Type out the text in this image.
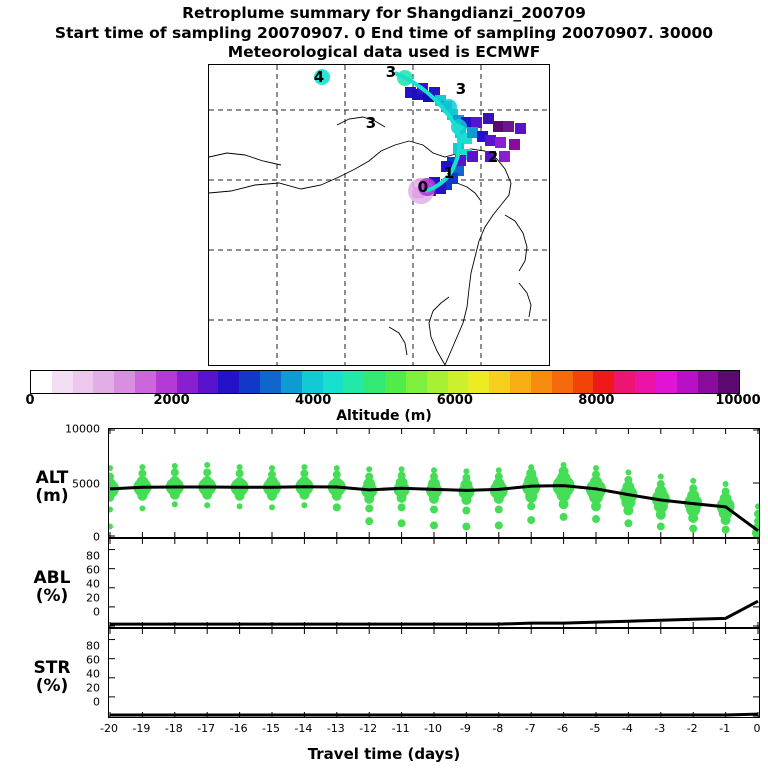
Retroplume summary for Shangdianzi_200709
Start time of sampling 20070907. 0 End time of sampling 20070907. 30000
Meteorological data used is ECMWF
4	3
3
3
2
1
0
0	2000	4000	6000	8000	10000
Altitude (m)
ALT
(m)
10000
5000
0
ABL
(%)
80
60
40
20
0
STR
(%)
80
60
40
20
0
-20 -19 -18 -17 -16 -15 -14 -13 -12 -11 -10 -9 -8 -7 -6 -5 -4 -3 -2 -1 0
Travel time (days)
